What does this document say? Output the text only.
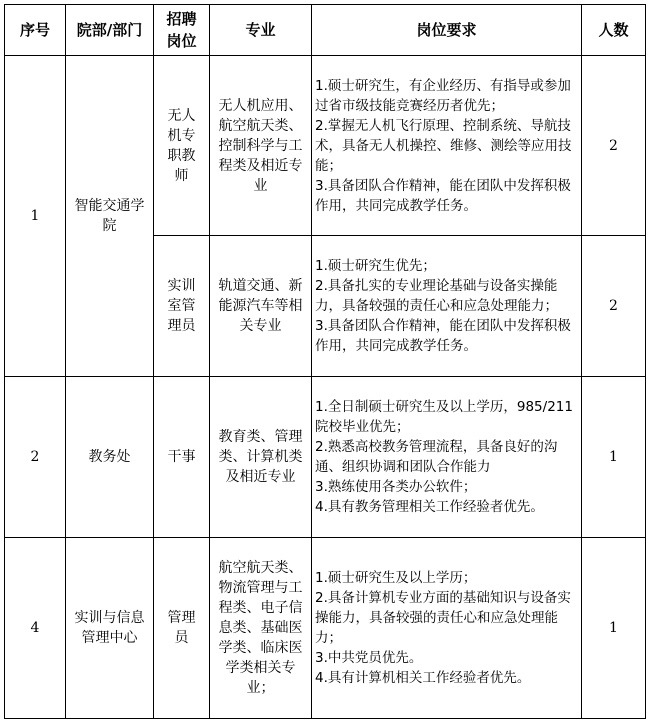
序号	院部/部门	招聘岗位	专业	岗位要求	人数
1	智能交通学院	无人机专职教师	无人机应用、航空航天类、控制科学与工程类及相近专业	1.硕士研究生，有企业经历、有指导或参加过省市级技能竞赛经历者优先；
2.掌握无人机飞行原理、控制系统、导航技术，具备无人机操控、维修、测绘等应用技能；
3.具备团队合作精神，能在团队中发挥积极作用，共同完成教学任务。	2
		实训室管理员	轨道交通、新能源汽车等相关专业	1.硕士研究生优先；
2.具备扎实的专业理论基础与设备实操能力，具备较强的责任心和应急处理能力；
3.具备团队合作精神，能在团队中发挥积极作用，共同完成教学任务。	2
2	教务处	干事	教育类、管理类、计算机类及相近专业	1.全日制硕士研究生及以上学历，985/211院校毕业优先；
2.熟悉高校教务管理流程，具备良好的沟通、组织协调和团队合作能力
3.熟练使用各类办公软件；
4.具有教务管理相关工作经验者优先。	1
4	实训与信息管理中心	管理员	航空航天类、物流管理与工程类、电子信息类、基础医学类、临床医学类相关专业；	1.硕士研究生及以上学历；
2.具备计算机专业方面的基础知识与设备实操能力，具备较强的责任心和应急处理能力；
3.中共党员优先。
4.具有计算机相关工作经验者优先。	1
